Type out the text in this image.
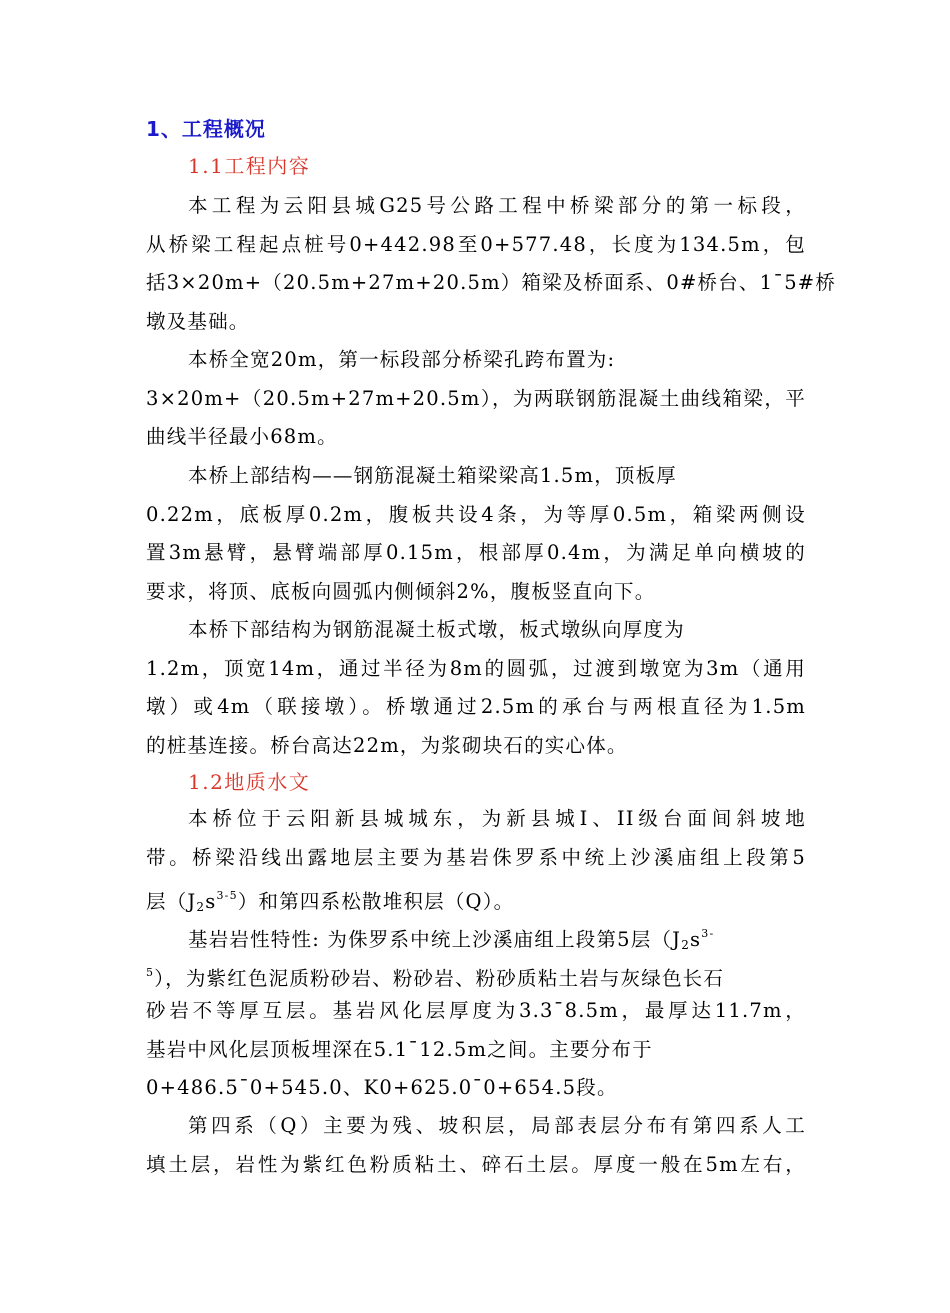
1、工程概况
1.1工程内容
本工程为云阳县城G25号公路工程中桥梁部分的第一标段，
从桥梁工程起点桩号0+442.98至0+577.48，长度为134.5m，包
括3×20m+（20.5m+27m+20.5m）箱梁及桥面系、0#桥台、1¯5#桥
墩及基础。
本桥全宽20m，第一标段部分桥梁孔跨布置为:
3×20m+（20.5m+27m+20.5m），为两联钢筋混凝土曲线箱梁，平
曲线半径最小68m。
本桥上部结构——钢筋混凝土箱梁梁高1.5m，顶板厚
0.22m，底板厚0.2m，腹板共设4条，为等厚0.5m，箱梁两侧设
置3m悬臂，悬臂端部厚0.15m，根部厚0.4m，为满足单向横坡的
要求，将顶、底板向圆弧内侧倾斜2%，腹板竖直向下。
本桥下部结构为钢筋混凝土板式墩，板式墩纵向厚度为
1.2m，顶宽14m，通过半径为8m的圆弧，过渡到墩宽为3m（通用
墩）或4m（联接墩）。桥墩通过2.5m的承台与两根直径为1.5m
的桩基连接。桥台高达22m，为浆砌块石的实心体。
1.2地质水文
本桥位于云阳新县城城东，为新县城I、II级台面间斜坡地
带。桥梁沿线出露地层主要为基岩侏罗系中统上沙溪庙组上段第5
层$(J_2s^{3-5})$和第四系松散堆积层（Q）。
基岩岩性特性: 为侏罗系中统上沙溪庙组上段第5层（$J_2s^{3-}$
$^5$），为紫红色泥质粉砂岩、粉砂岩、粉砂质粘土岩与灰绿色长石
砂岩不等厚互层。基岩风化层厚度为3.3¯8.5m，最厚达11.7m，
基岩中风化层顶板埋深在5.1¯12.5m之间。主要分布于
0+486.5¯0+545.0、K0+625.0¯0+654.5段。
第四系（Q）主要为残、坡积层，局部表层分布有第四系人工
填土层，岩性为紫红色粉质粘土、碎石土层。厚度一般在5m左右，
